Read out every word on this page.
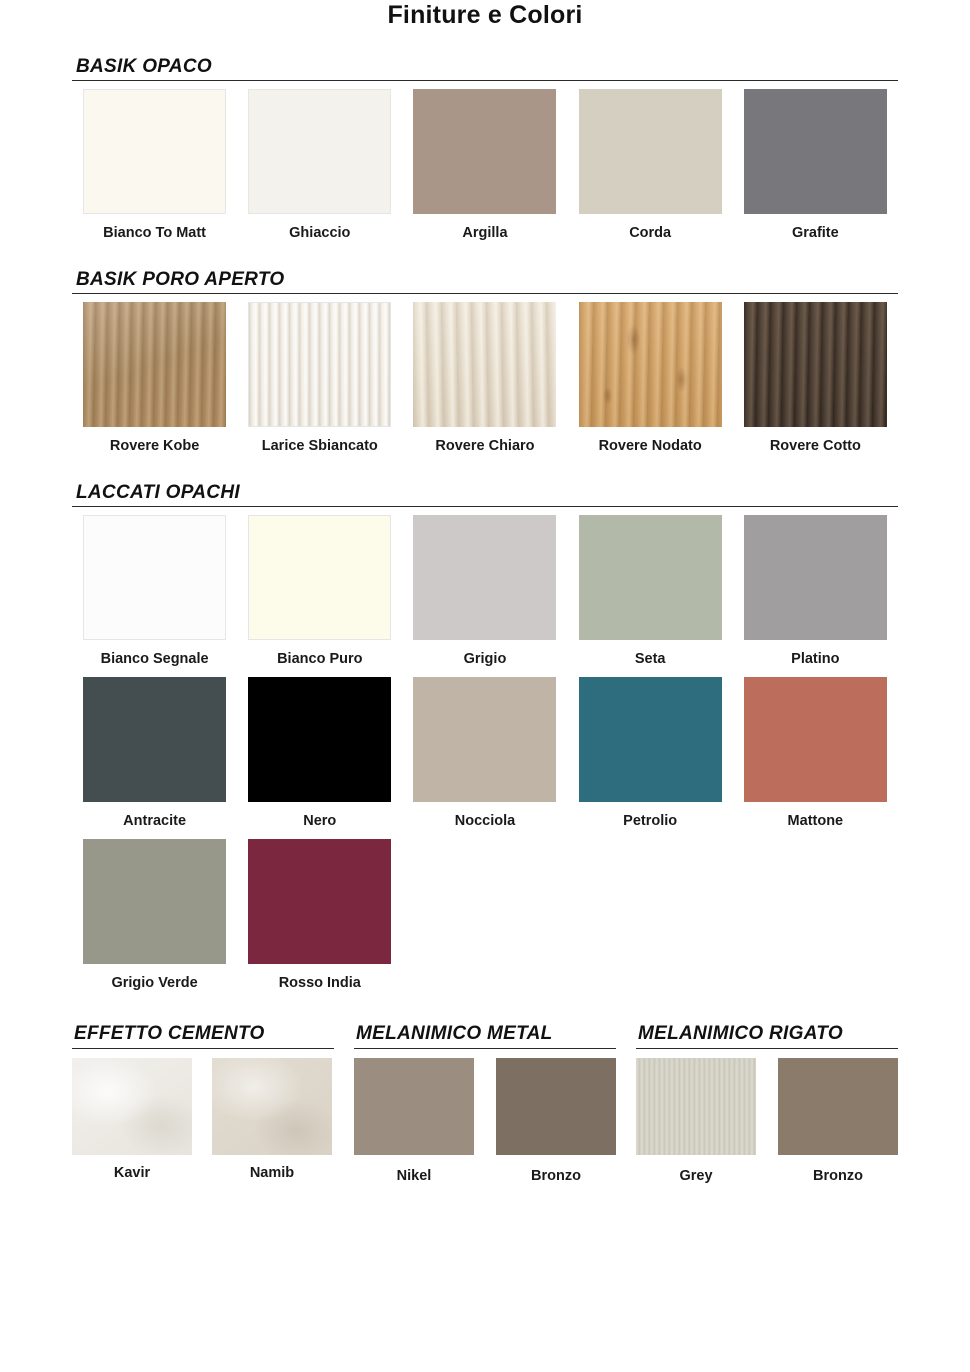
Finiture e Colori
BASIK OPACO
Bianco To Matt	Ghiaccio	Argilla	Corda	Grafite
BASIK PORO APERTO
Rovere Kobe	Larice Sbiancato	Rovere Chiaro	Rovere Nodato	Rovere Cotto
LACCATI OPACHI
Bianco Segnale	Bianco Puro	Grigio	Seta	Platino
Antracite	Nero	Nocciola	Petrolio	Mattone
Grigio Verde	Rosso India
EFFETTO CEMENTO
Kavir	Namib
MELANIMICO METAL
Nikel	Bronzo
MELANIMICO RIGATO
Grey	Bronzo
